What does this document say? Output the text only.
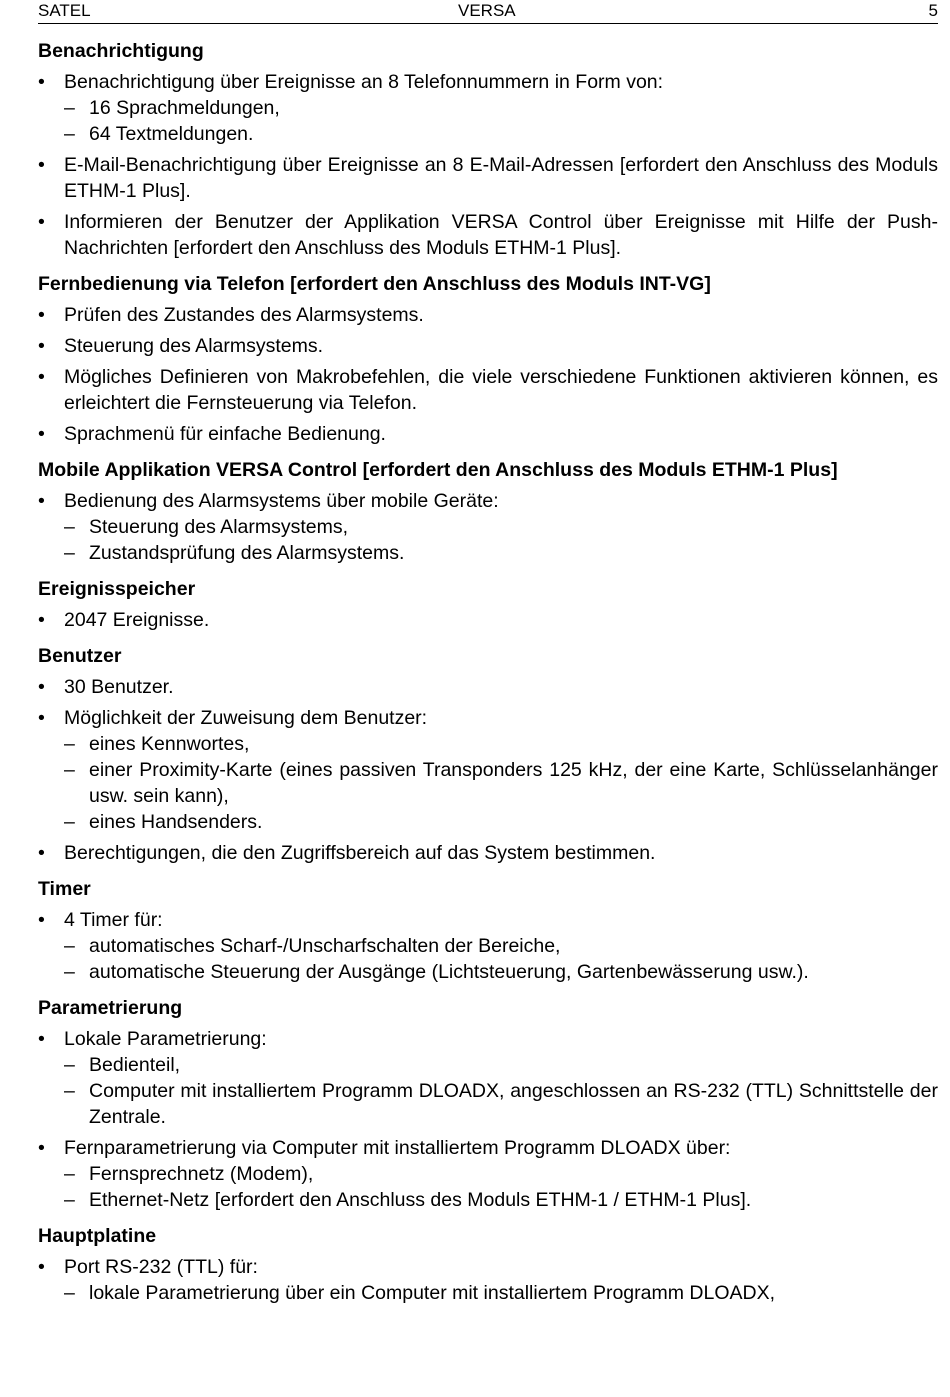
SATEL	VERSA	5
Benachrichtigung

• Benachrichtigung über Ereignisse an 8 Telefonnummern in Form von:

– 16 Sprachmeldungen,

– 64 Textmeldungen.

• E-Mail-Benachrichtigung über Ereignisse an 8 E-Mail-Adressen [erfordert den Anschluss des Moduls ETHM-1 Plus].

• Informieren der Benutzer der Applikation VERSA Control über Ereignisse mit Hilfe der Push-Nachrichten [erfordert den Anschluss des Moduls ETHM-1 Plus].

Fernbedienung via Telefon [erfordert den Anschluss des Moduls INT-VG]

• Prüfen des Zustandes des Alarmsystems.

• Steuerung des Alarmsystems.

• Mögliches Definieren von Makrobefehlen, die viele verschiedene Funktionen aktivieren können, es erleichtert die Fernsteuerung via Telefon.

• Sprachmenü für einfache Bedienung.

Mobile Applikation VERSA Control [erfordert den Anschluss des Moduls ETHM-1 Plus]

• Bedienung des Alarmsystems über mobile Geräte:

– Steuerung des Alarmsystems,

– Zustandsprüfung des Alarmsystems.

Ereignisspeicher

• 2047 Ereignisse.

Benutzer

• 30 Benutzer.

• Möglichkeit der Zuweisung dem Benutzer:

– eines Kennwortes,

– einer Proximity-Karte (eines passiven Transponders 125 kHz, der eine Karte, Schlüsselanhänger usw. sein kann),

– eines Handsenders.

• Berechtigungen, die den Zugriffsbereich auf das System bestimmen.

Timer

• 4 Timer für:

– automatisches Scharf-/Unscharfschalten der Bereiche,

– automatische Steuerung der Ausgänge (Lichtsteuerung, Gartenbewässerung usw.).

Parametrierung

• Lokale Parametrierung:

– Bedienteil,

– Computer mit installiertem Programm DLOADX, angeschlossen an RS-232 (TTL) Schnittstelle der Zentrale.

• Fernparametrierung via Computer mit installiertem Programm DLOADX über:

– Fernsprechnetz (Modem),

– Ethernet-Netz [erfordert den Anschluss des Moduls ETHM-1 / ETHM-1 Plus].

Hauptplatine

• Port RS-232 (TTL) für:

– lokale Parametrierung über ein Computer mit installiertem Programm DLOADX,
